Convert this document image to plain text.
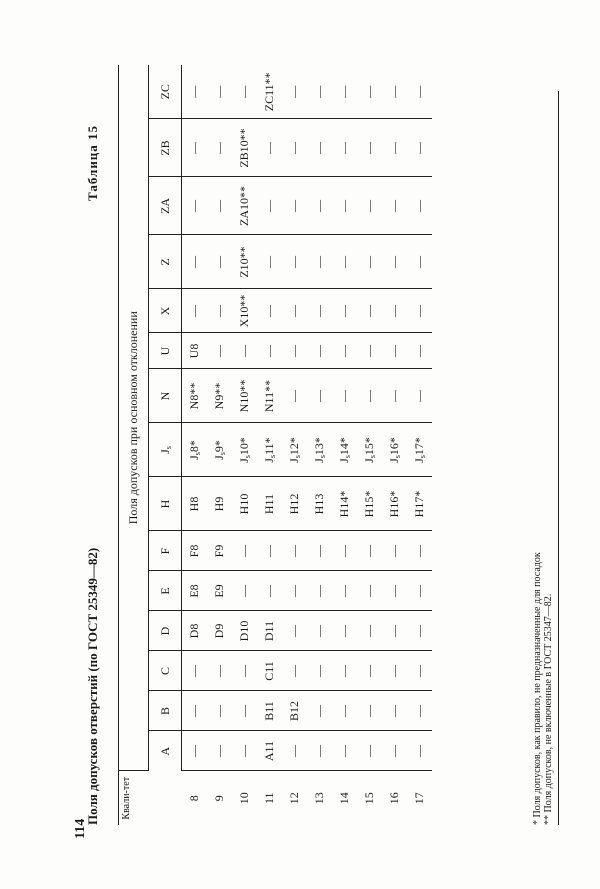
114
Поля допусков отверстий (по ГОСТ 25349—82)
Таблица 15
Квали-тет	Поля допусков при основном отклонении														
	A	B	C	D	E	F	H	$J_s$	N	U	X	Z	ZA	ZB	ZC
8	—	—	—	D8	E8	F8	H8	$J_s8*$	N8**	U8	—	—	—	—	—
9	—	—	—	D9	E9	F9	H9	$J_s9*$	N9**	—	—	—	—	—	—
10	—	—	—	D10	—	—	H10	$J_s10*$	N10**	—	X10**	Z10**	ZA10**	ZB10**	—
11	A11	B11	C11	D11	—	—	H11	$J_s11*$	N11**	—	—	—	—	—	ZC11**
12	—	B12	—	—	—	—	H12	$J_s12*$	—	—	—	—	—	—	—
13	—	—	—	—	—	—	H13	$J_s13*$	—	—	—	—	—	—	—
14	—	—	—	—	—	—	H14*	$J_s14*$	—	—	—	—	—	—	—
15	—	—	—	—	—	—	H15*	$J_s15*$	—	—	—	—	—	—	—
16	—	—	—	—	—	—	H16*	$J_s16*$	—	—	—	—	—	—	—
17	—	—	—	—	—	—	H17*	$J_s17*$	—	—	—	—	—	—	—
* Поля допусков, как правило, не предназначенные для посадок ** Поля допусков, не включенные в ГОСТ 25347—82.
